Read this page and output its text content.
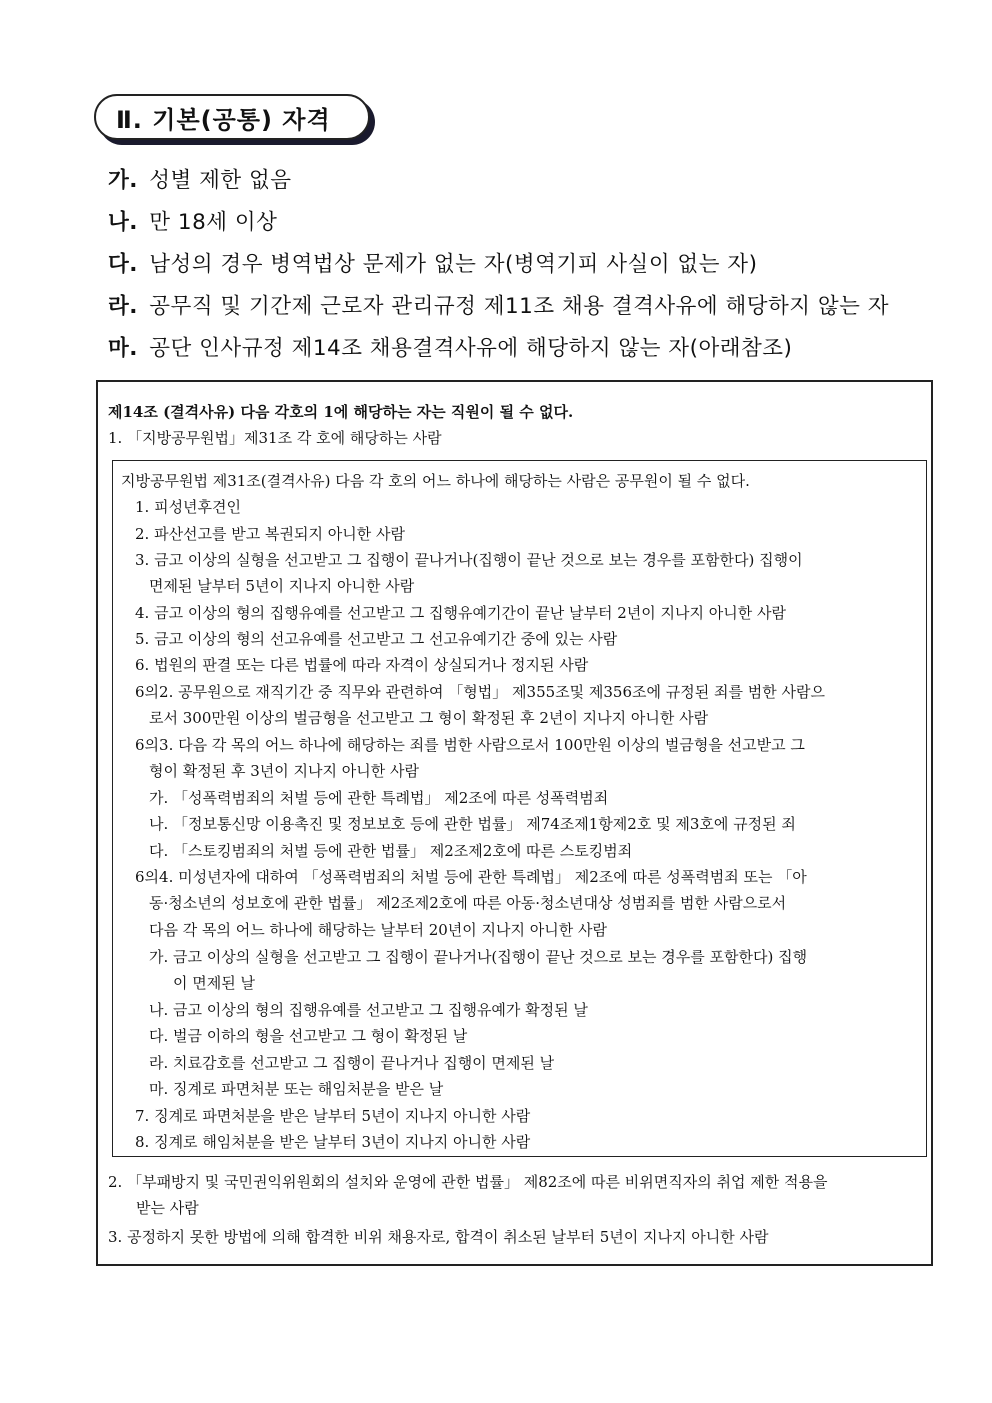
Ⅱ. 기본(공통) 자격
가. 성별 제한 없음
나. 만 18세 이상
다. 남성의 경우 병역법상 문제가 없는 자(병역기피 사실이 없는 자)
라. 공무직 및 기간제 근로자 관리규정 제11조 채용 결격사유에 해당하지 않는 자
마. 공단 인사규정 제14조 채용결격사유에 해당하지 않는 자(아래참조)
제14조 (결격사유) 다음 각호의 1에 해당하는 자는 직원이 될 수 없다.
1. 「지방공무원법」제31조 각 호에 해당하는 사람
지방공무원법 제31조(결격사유) 다음 각 호의 어느 하나에 해당하는 사람은 공무원이 될 수 없다.
1. 피성년후견인
2. 파산선고를 받고 복권되지 아니한 사람
3. 금고 이상의 실형을 선고받고 그 집행이 끝나거나(집행이 끝난 것으로 보는 경우를 포함한다) 집행이
면제된 날부터 5년이 지나지 아니한 사람
4. 금고 이상의 형의 집행유예를 선고받고 그 집행유예기간이 끝난 날부터 2년이 지나지 아니한 사람
5. 금고 이상의 형의 선고유예를 선고받고 그 선고유예기간 중에 있는 사람
6. 법원의 판결 또는 다른 법률에 따라 자격이 상실되거나 정지된 사람
6의2. 공무원으로 재직기간 중 직무와 관련하여 「형법」 제355조및 제356조에 규정된 죄를 범한 사람으
로서 300만원 이상의 벌금형을 선고받고 그 형이 확정된 후 2년이 지나지 아니한 사람
6의3. 다음 각 목의 어느 하나에 해당하는 죄를 범한 사람으로서 100만원 이상의 벌금형을 선고받고 그
형이 확정된 후 3년이 지나지 아니한 사람
가. 「성폭력범죄의 처벌 등에 관한 특례법」 제2조에 따른 성폭력범죄
나. 「정보통신망 이용촉진 및 정보보호 등에 관한 법률」 제74조제1항제2호 및 제3호에 규정된 죄
다. 「스토킹범죄의 처벌 등에 관한 법률」 제2조제2호에 따른 스토킹범죄
6의4. 미성년자에 대하여 「성폭력범죄의 처벌 등에 관한 특례법」 제2조에 따른 성폭력범죄 또는 「아
동·청소년의 성보호에 관한 법률」 제2조제2호에 따른 아동·청소년대상 성범죄를 범한 사람으로서
다음 각 목의 어느 하나에 해당하는 날부터 20년이 지나지 아니한 사람
가. 금고 이상의 실형을 선고받고 그 집행이 끝나거나(집행이 끝난 것으로 보는 경우를 포함한다) 집행
이 면제된 날
나. 금고 이상의 형의 집행유예를 선고받고 그 집행유예가 확정된 날
다. 벌금 이하의 형을 선고받고 그 형이 확정된 날
라. 치료감호를 선고받고 그 집행이 끝나거나 집행이 면제된 날
마. 징계로 파면처분 또는 해임처분을 받은 날
7. 징계로 파면처분을 받은 날부터 5년이 지나지 아니한 사람
8. 징계로 해임처분을 받은 날부터 3년이 지나지 아니한 사람
2. 「부패방지 및 국민권익위원회의 설치와 운영에 관한 법률」 제82조에 따른 비위면직자의 취업 제한 적용을
받는 사람
3. 공정하지 못한 방법에 의해 합격한 비위 채용자로, 합격이 취소된 날부터 5년이 지나지 아니한 사람
